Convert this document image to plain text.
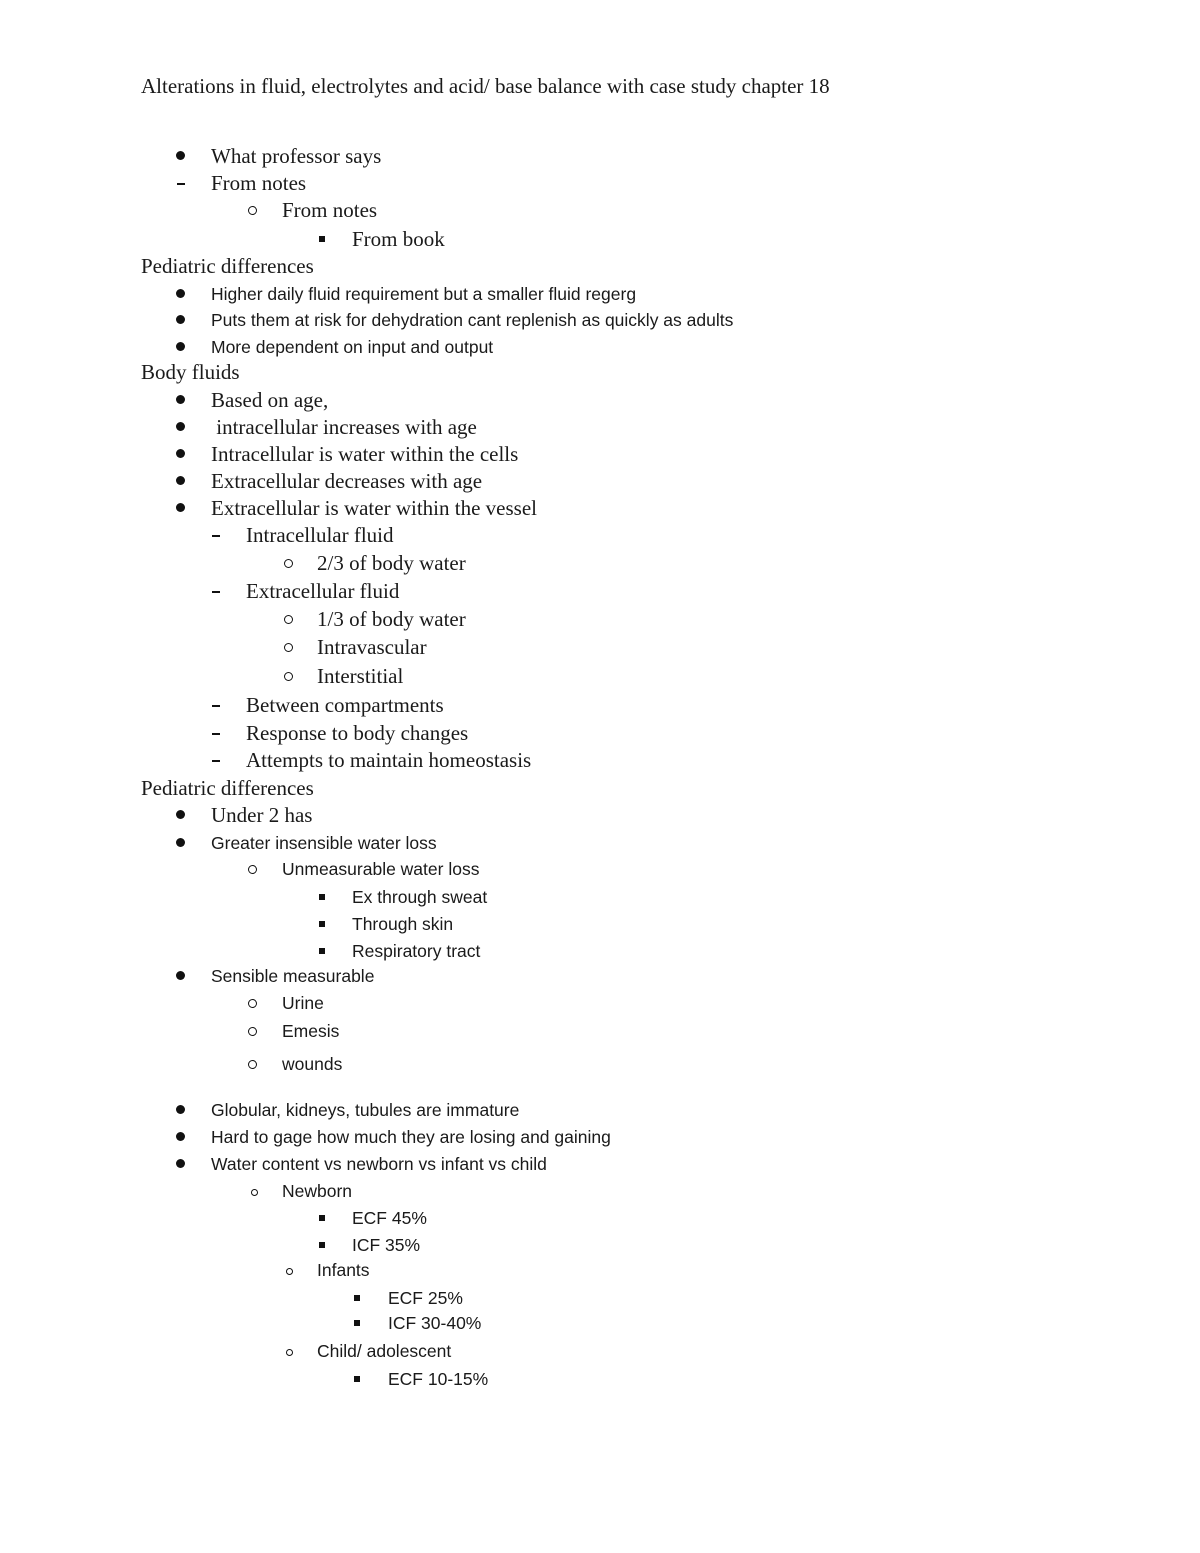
Alterations in fluid, electrolytes and acid/ base balance with case study chapter 18

What professor says

From notes

From notes

From book

Pediatric differences

Higher daily fluid requirement but a smaller fluid regerg

Puts them at risk for dehydration cant replenish as quickly as adults

More dependent on input and output

Body fluids

Based on age,

intracellular increases with age

Intracellular is water within the cells

Extracellular decreases with age

Extracellular is water within the vessel

Intracellular fluid

2/3 of body water

Extracellular fluid

1/3 of body water

Intravascular

Interstitial

Between compartments

Response to body changes

Attempts to maintain homeostasis

Pediatric differences

Under 2 has

Greater insensible water loss

Unmeasurable water loss

Ex through sweat

Through skin

Respiratory tract

Sensible measurable

Urine

Emesis

wounds

Globular, kidneys, tubules are immature

Hard to gage how much they are losing and gaining

Water content vs newborn vs infant vs child

Newborn

ECF 45%

ICF 35%

Infants

ECF 25%

ICF 30-40%

Child/ adolescent

ECF 10-15%
